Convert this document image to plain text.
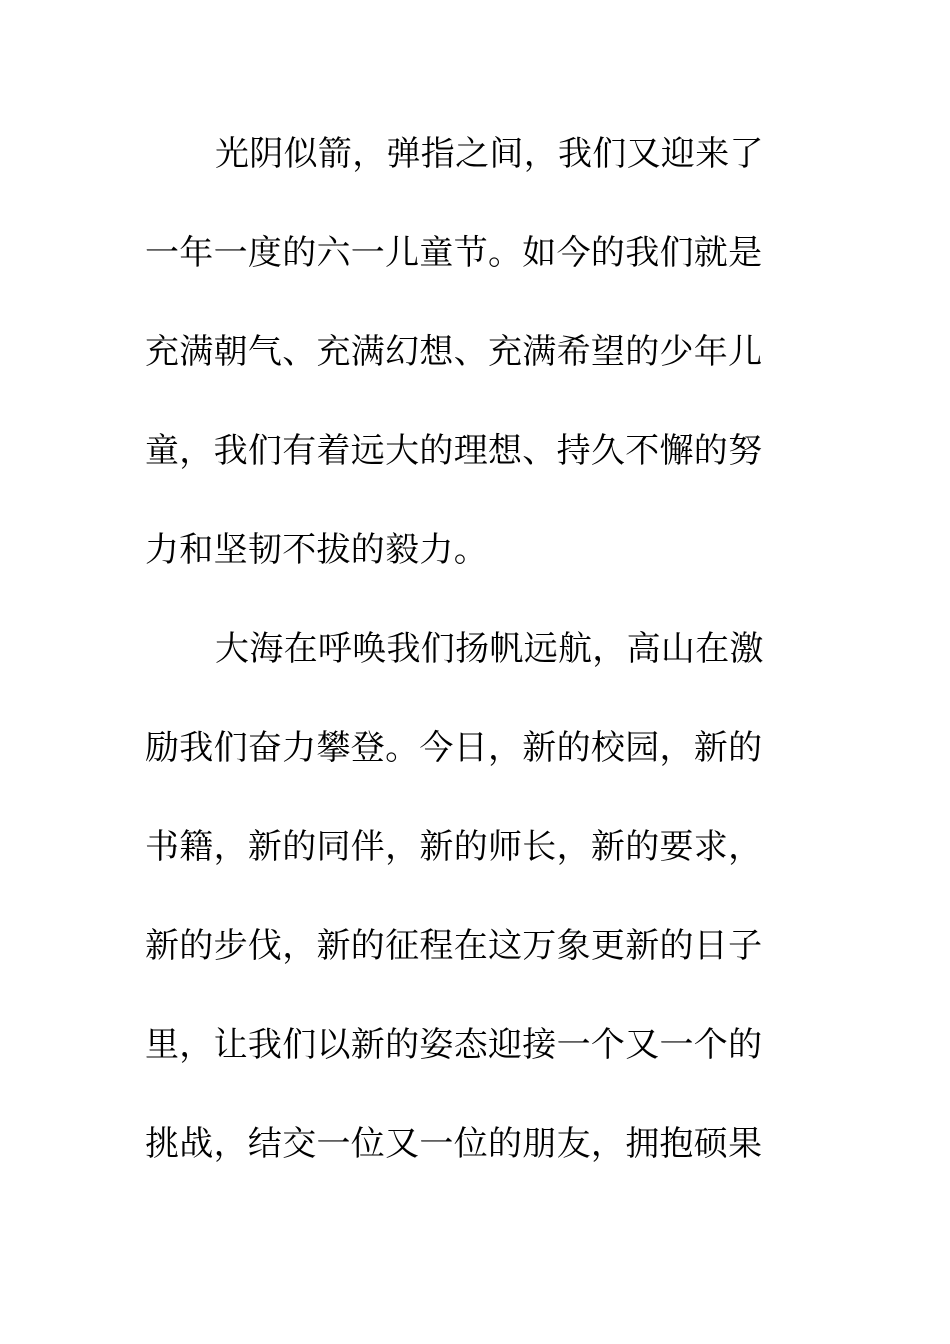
光阴似箭，弹指之间，我们又迎来了
一年一度的六一儿童节。如今的我们就是
充满朝气、充满幻想、充满希望的少年儿
童，我们有着远大的理想、持久不懈的努
力和坚韧不拔的毅力。
大海在呼唤我们扬帆远航，高山在激
励我们奋力攀登。今日，新的校园，新的
书籍，新的同伴，新的师长，新的要求，
新的步伐，新的征程在这万象更新的日子
里，让我们以新的姿态迎接一个又一个的
挑战，结交一位又一位的朋友，拥抱硕果
